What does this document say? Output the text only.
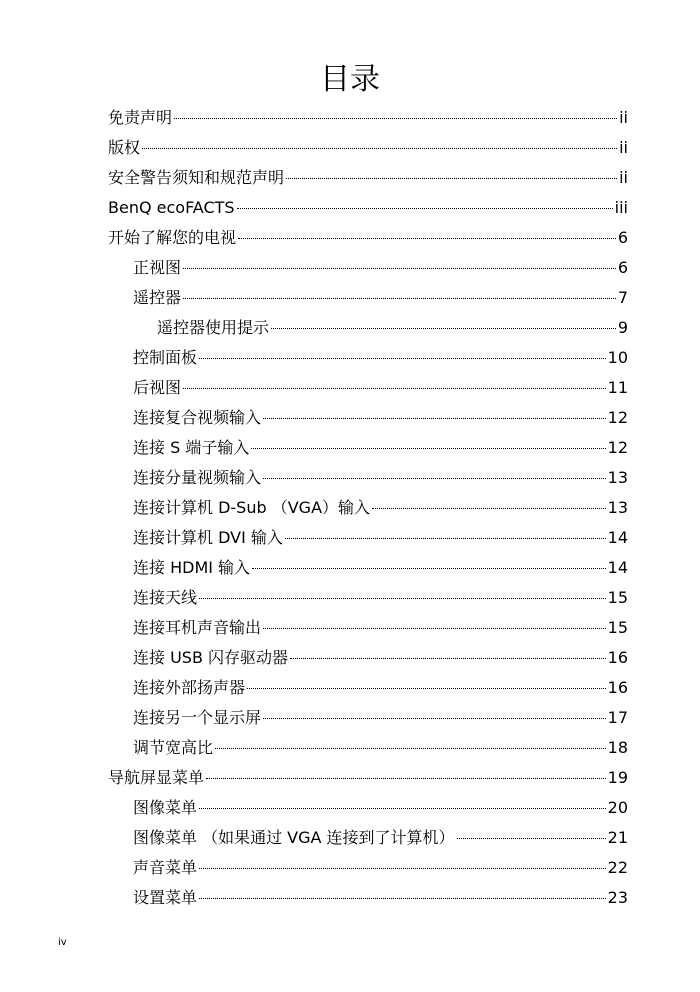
目录
免责声明	ii
版权	ii
安全警告须知和规范声明	ii
BenQ ecoFACTS	iii
开始了解您的电视	6
正视图	6
遥控器	7
遥控器使用提示	9
控制面板	10
后视图	11
连接复合视频输入	12
连接 S 端子输入	12
连接分量视频输入	13
连接计算机 D-Sub （VGA）输入	13
连接计算机 DVI 输入	14
连接 HDMI 输入	14
连接天线	15
连接耳机声音输出	15
连接 USB 闪存驱动器	16
连接外部扬声器	16
连接另一个显示屏	17
调节宽高比	18
导航屏显菜单	19
图像菜单	20
图像菜单 （如果通过 VGA 连接到了计算机）	21
声音菜单	22
设置菜单	23
iv
